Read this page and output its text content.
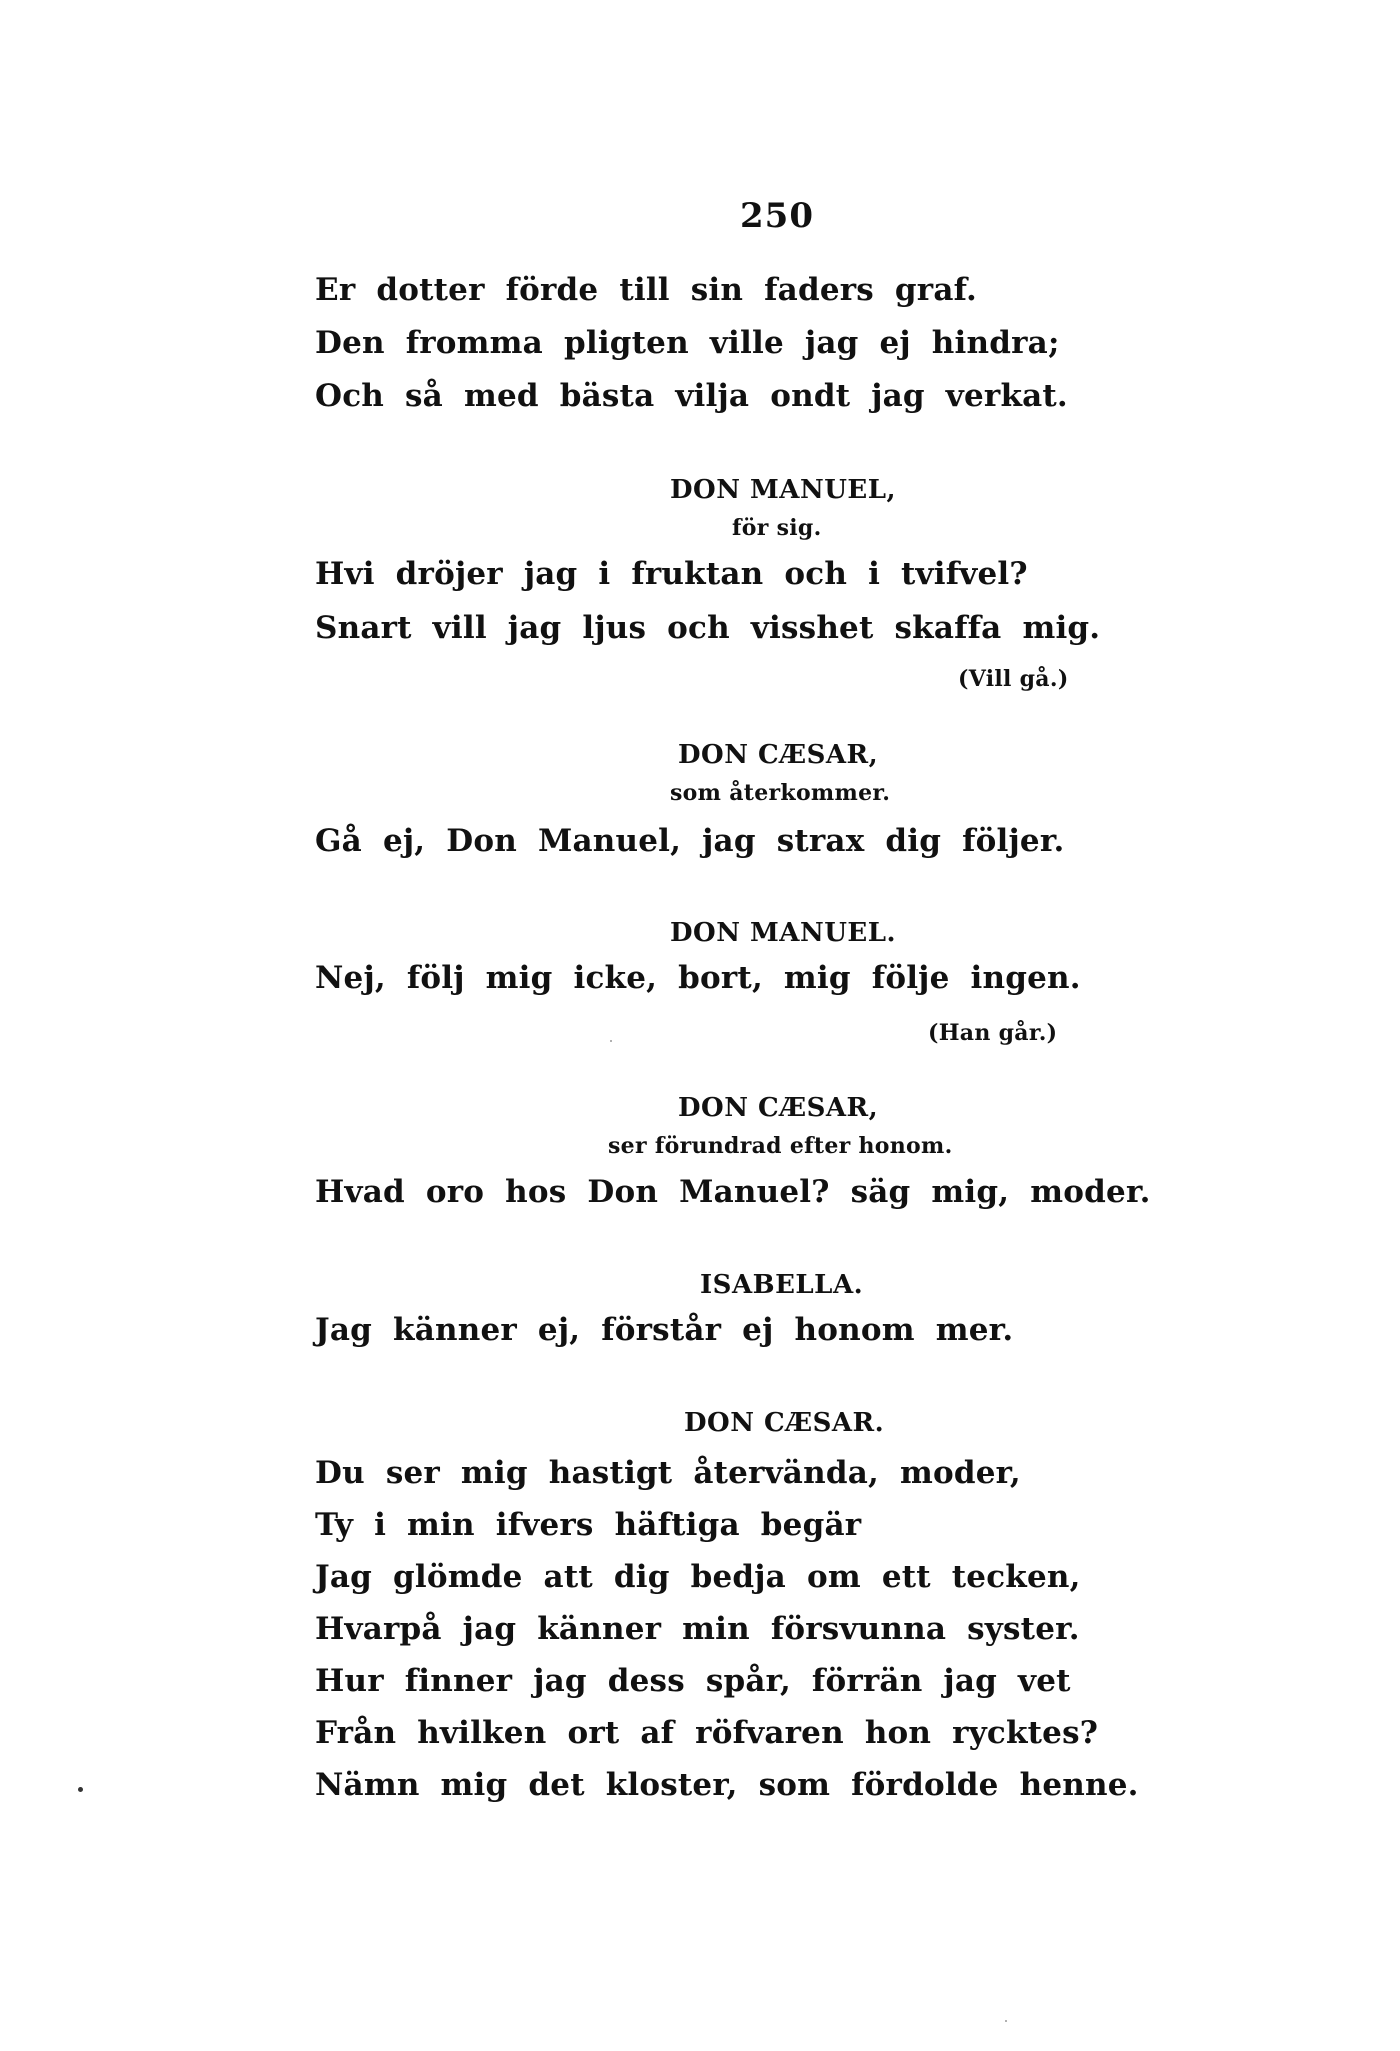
250
Er dotter förde till sin faders graf.
Den fromma pligten ville jag ej hindra;
Och så med bästa vilja ondt jag verkat.
DON MANUEL,
för sig.
Hvi dröjer jag i fruktan och i tvifvel?
Snart vill jag ljus och visshet skaffa mig.
(Vill gå.)
DON CÆSAR,
som återkommer.
Gå ej, Don Manuel, jag strax dig följer.
DON MANUEL.
Nej, följ mig icke, bort, mig följe ingen.
(Han går.)
DON CÆSAR,
ser förundrad efter honom.
Hvad oro hos Don Manuel? säg mig, moder.
ISABELLA.
Jag känner ej, förstår ej honom mer.
DON CÆSAR.
Du ser mig hastigt återvända, moder,
Ty i min ifvers häftiga begär
Jag glömde att dig bedja om ett tecken,
Hvarpå jag känner min försvunna syster.
Hur finner jag dess spår, förrän jag vet
Från hvilken ort af röfvaren hon rycktes?
Nämn mig det kloster, som fördolde henne.
